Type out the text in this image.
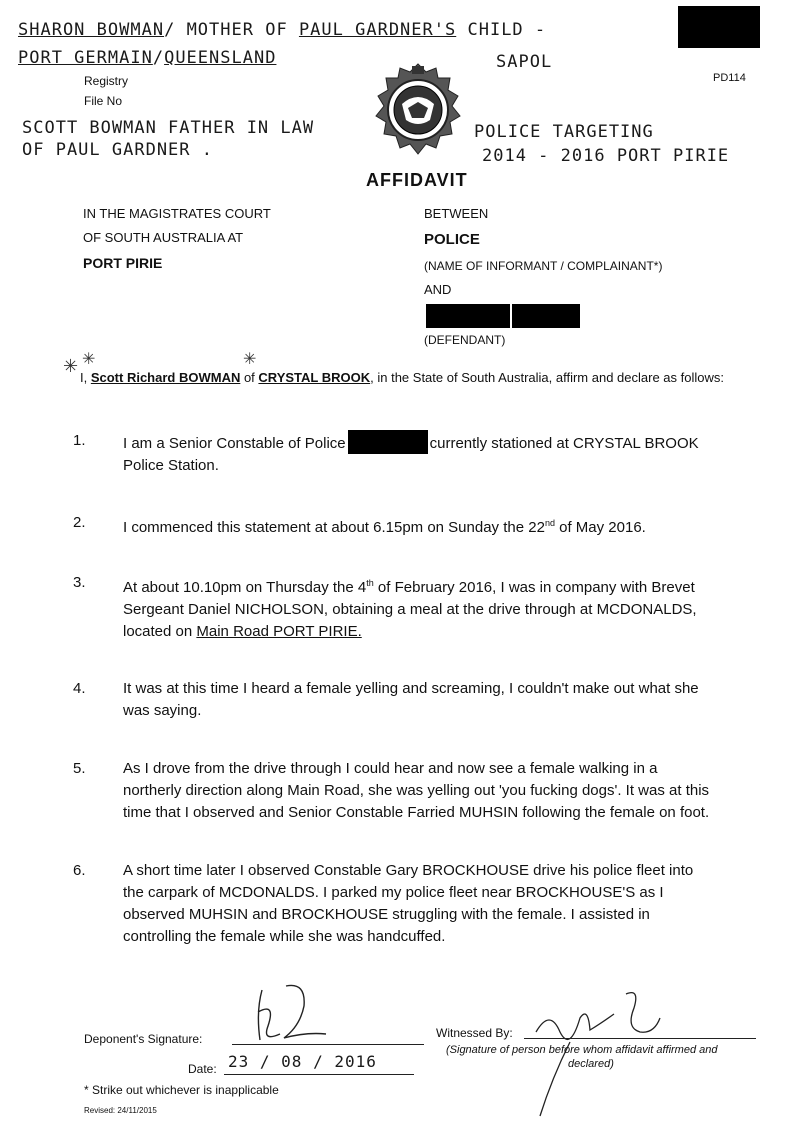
SHARON BOWMAN/ MOTHER OF PAUL GARDNER'S CHILD -
PORT GERMAIN/QUEENSLAND	SAPOL
Registry
File No
PD114
SCOTT BOWMAN FATHER IN LAW
OF PAUL GARDNER .
POLICE TARGETING
2014 - 2016 PORT PIRIE
AFFIDAVIT
IN THE MAGISTRATES COURT
OF SOUTH AUSTRALIA AT
PORT PIRIE
BETWEEN
POLICE
(NAME OF INFORMANT / COMPLAINANT*)
AND
(DEFENDANT)
✳ ✳	✳
I, Scott Richard BOWMAN of CRYSTAL BROOK, in the State of South Australia, affirm and declare as follows:
1. I am a Senior Constable of Police	currently stationed at CRYSTAL BROOK
Police Station.
2. I commenced this statement at about 6.15pm on Sunday the 22nd of May 2016.
3. At about 10.10pm on Thursday the 4th of February 2016, I was in company with Brevet
Sergeant Daniel NICHOLSON, obtaining a meal at the drive through at MCDONALDS,
located on Main Road PORT PIRIE.
4. It was at this time I heard a female yelling and screaming, I couldn't make out what she
was saying.
5. As I drove from the drive through I could hear and now see a female walking in a
northerly direction along Main Road, she was yelling out 'you fucking dogs'. It was at this
time that I observed and Senior Constable Farried MUHSIN following the female on foot.
6. A short time later I observed Constable Gary BROCKHOUSE drive his police fleet into
the carpark of MCDONALDS. I parked my police fleet near BROCKHOUSE'S as I
observed MUHSIN and BROCKHOUSE struggling with the female. I assisted in
controlling the female while she was handcuffed.
Deponent's Signature:
Date: 23 / 08 / 2016
Witnessed By:
(Signature of person before whom affidavit affirmed and
declared)
* Strike out whichever is inapplicable
Revised: 24/11/2015
